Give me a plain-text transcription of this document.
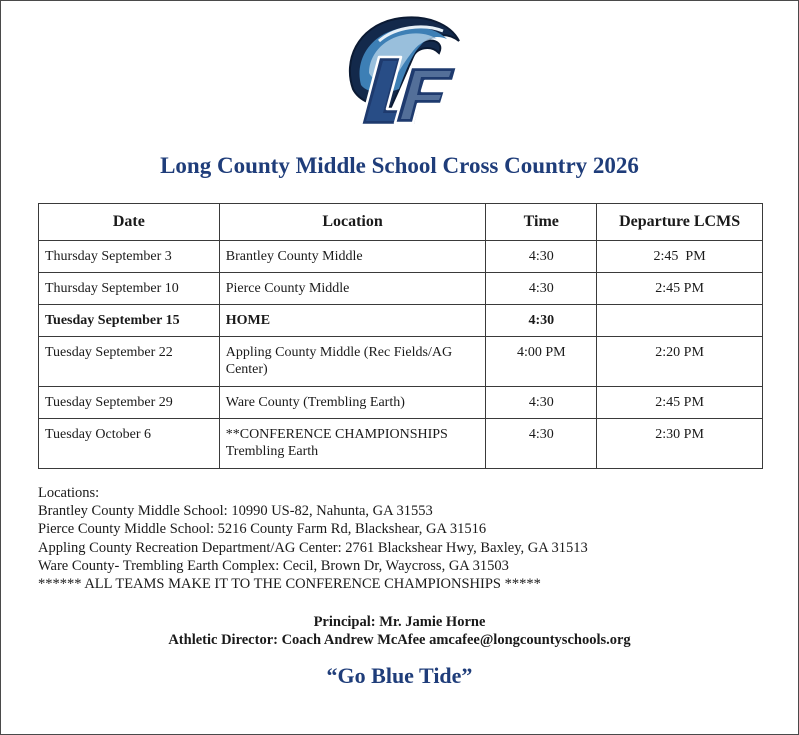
Long County Middle School Cross Country 2026
Date	Location	Time	Departure LCMS
Thursday September 3	Brantley County Middle	4:30	2:45  PM
Thursday September 10	Pierce County Middle	4:30	2:45 PM
Tuesday September 15	HOME	4:30	
Tuesday September 22	Appling County Middle (Rec Fields/AG Center)	4:00 PM	2:20 PM
Tuesday September 29	Ware County (Trembling Earth)	4:30	2:45 PM
Tuesday October 6	**CONFERENCE CHAMPIONSHIPS Trembling Earth	4:30	2:30 PM
Locations:
Brantley County Middle School: 10990 US-82, Nahunta, GA 31553
Pierce County Middle School: 5216 County Farm Rd, Blackshear, GA 31516
Appling County Recreation Department/AG Center: 2761 Blackshear Hwy, Baxley, GA 31513
Ware County- Trembling Earth Complex: Cecil, Brown Dr, Waycross, GA 31503
****** ALL TEAMS MAKE IT TO THE CONFERENCE CHAMPIONSHIPS *****
Principal: Mr. Jamie Horne
Athletic Director: Coach Andrew McAfee amcafee@longcountyschools.org
“Go Blue Tide”
